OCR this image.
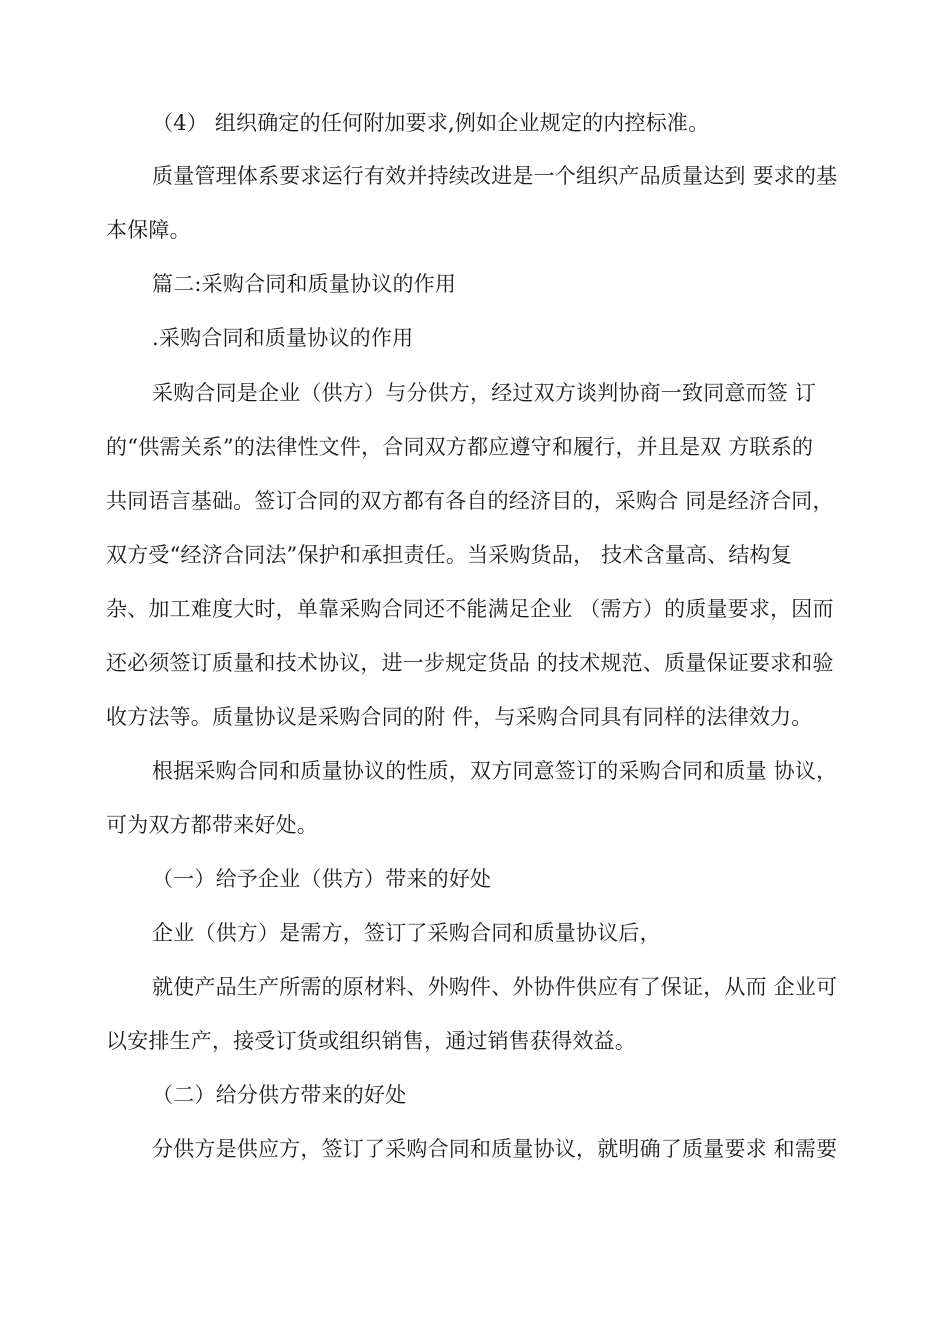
（4） 组织确定的任何附加要求,例如企业规定的内控标准。
质量管理体系要求运行有效并持续改进是一个组织产品质量达到 要求的基
本保障。
篇二:采购合同和质量协议的作用
.采购合同和质量协议的作用
采购合同是企业（供方）与分供方，经过双方谈判协商一致同意而签 订
的“供需关系”的法律性文件，合同双方都应遵守和履行，并且是双 方联系的
共同语言基础。签订合同的双方都有各自的经济目的，采购合 同是经济合同，
双方受“经济合同法”保护和承担责任。当采购货品， 技术含量高、结构复
杂、加工难度大时，单靠采购合同还不能满足企业 （需方）的质量要求，因而
还必须签订质量和技术协议，进一步规定货品 的技术规范、质量保证要求和验
收方法等。质量协议是采购合同的附 件，与采购合同具有同样的法律效力。
根据采购合同和质量协议的性质，双方同意签订的采购合同和质量 协议，
可为双方都带来好处。
（一）给予企业（供方）带来的好处
企业（供方）是需方，签订了采购合同和质量协议后，
就使产品生产所需的原材料、外购件、外协件供应有了保证，从而 企业可
以安排生产，接受订货或组织销售，通过销售获得效益。
（二）给分供方带来的好处
分供方是供应方，签订了采购合同和质量协议，就明确了质量要求 和需要
